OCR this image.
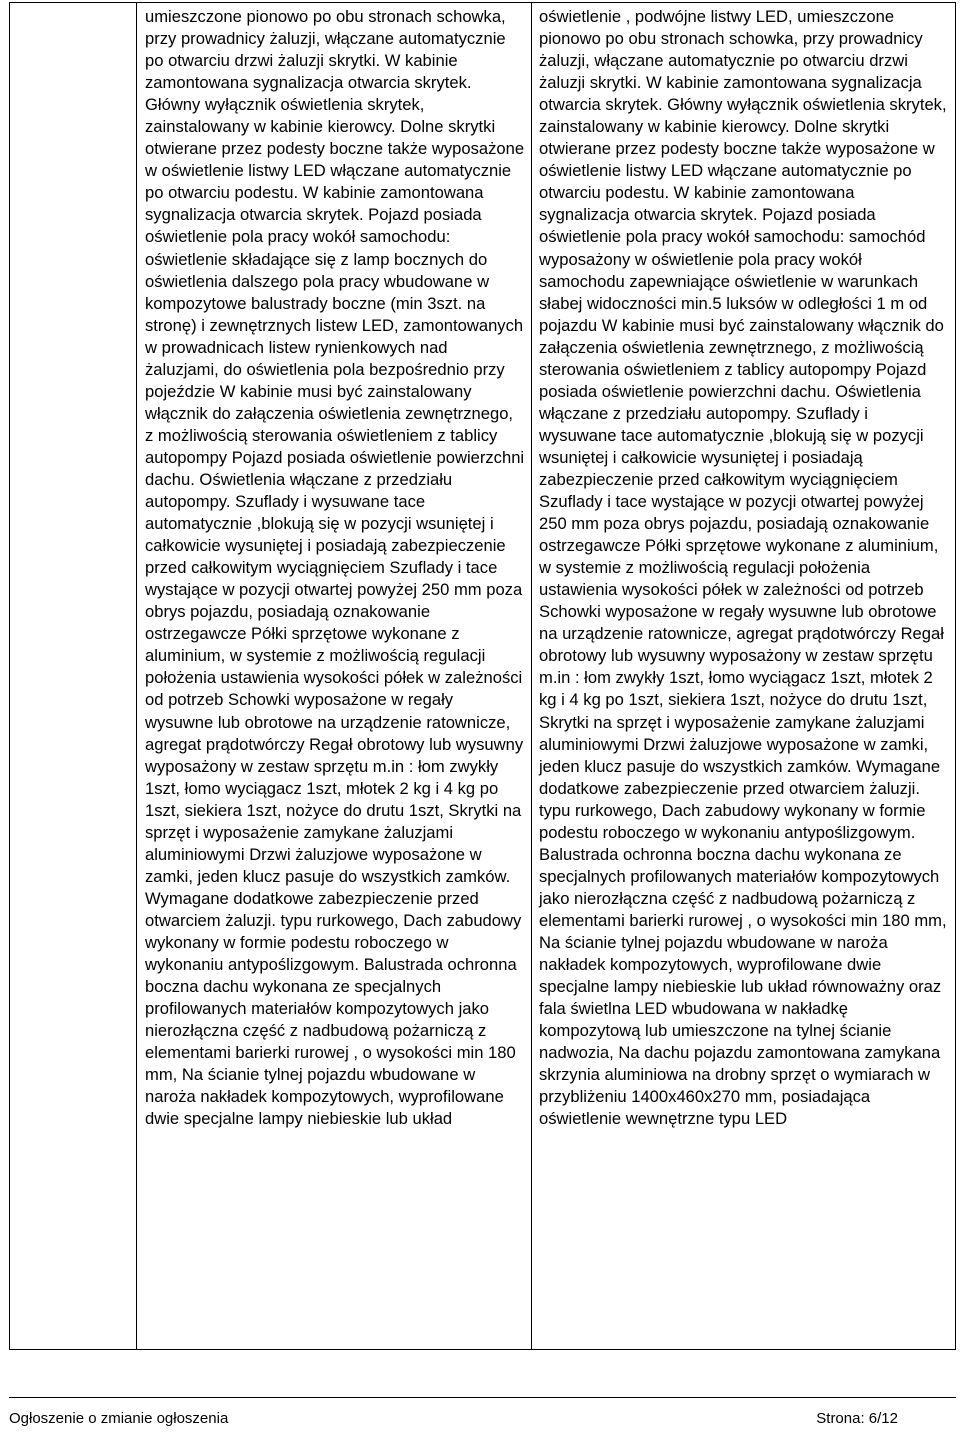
umieszczone pionowo po obu stronach schowka, przy prowadnicy żaluzji, włączane automatycznie po otwarciu drzwi żaluzji skrytki. W kabinie zamontowana sygnalizacja otwarcia skrytek. Główny wyłącznik oświetlenia skrytek, zainstalowany w kabinie kierowcy. Dolne skrytki otwierane przez podesty boczne także wyposażone w oświetlenie listwy LED włączane automatycznie po otwarciu podestu. W kabinie zamontowana sygnalizacja otwarcia skrytek. Pojazd posiada oświetlenie pola pracy wokół samochodu: oświetlenie składające się z lamp bocznych do oświetlenia dalszego pola pracy wbudowane w kompozytowe balustrady boczne (min 3szt. na stronę) i zewnętrznych listew LED, zamontowanych w prowadnicach listew rynienkowych nad żaluzjami, do oświetlenia pola bezpośrednio przy pojeździe W kabinie musi być zainstalowany włącznik do załączenia oświetlenia zewnętrznego, z możliwością sterowania oświetleniem z tablicy autopompy Pojazd posiada oświetlenie powierzchni dachu. Oświetlenia włączane z przedziału autopompy. Szuflady i wysuwane tace automatycznie ,blokują się w pozycji wsuniętej i całkowicie wysuniętej i posiadają zabezpieczenie przed całkowitym wyciągnięciem Szuflady i tace wystające w pozycji otwartej powyżej 250 mm poza obrys pojazdu, posiadają oznakowanie ostrzegawcze Półki sprzętowe wykonane z aluminium, w systemie z możliwością regulacji położenia ustawienia wysokości półek w zależności od potrzeb Schowki wyposażone w regały wysuwne lub obrotowe na urządzenie ratownicze, agregat prądotwórczy Regał obrotowy lub wysuwny wyposażony w zestaw sprzętu m.in : łom zwykły 1szt, łomo wyciągacz 1szt, młotek 2 kg i 4 kg po 1szt, siekiera 1szt, nożyce do drutu 1szt, Skrytki na sprzęt i wyposażenie zamykane żaluzjami aluminiowymi Drzwi żaluzjowe wyposażone w zamki, jeden klucz pasuje do wszystkich zamków. Wymagane dodatkowe zabezpieczenie przed otwarciem żaluzji. typu rurkowego, Dach zabudowy wykonany w formie podestu roboczego w wykonaniu antypoślizgowym. Balustrada ochronna boczna dachu wykonana ze specjalnych profilowanych materiałów kompozytowych jako nierozłączna część z nadbudową pożarniczą z elementami barierki rurowej , o wysokości min 180 mm, Na ścianie tylnej pojazdu wbudowane w naroża nakładek kompozytowych, wyprofilowane dwie specjalne lampy niebieskie lub układ

oświetlenie , podwójne listwy LED, umieszczone pionowo po obu stronach schowka, przy prowadnicy żaluzji, włączane automatycznie po otwarciu drzwi żaluzji skrytki. W kabinie zamontowana sygnalizacja otwarcia skrytek. Główny wyłącznik oświetlenia skrytek, zainstalowany w kabinie kierowcy. Dolne skrytki otwierane przez podesty boczne także wyposażone w oświetlenie listwy LED włączane automatycznie po otwarciu podestu. W kabinie zamontowana sygnalizacja otwarcia skrytek. Pojazd posiada oświetlenie pola pracy wokół samochodu: samochód wyposażony w oświetlenie pola pracy wokół samochodu zapewniające oświetlenie w warunkach słabej widoczności min.5 luksów w odległości 1 m od pojazdu W kabinie musi być zainstalowany włącznik do załączenia oświetlenia zewnętrznego, z możliwością sterowania oświetleniem z tablicy autopompy Pojazd posiada oświetlenie powierzchni dachu. Oświetlenia włączane z przedziału autopompy. Szuflady i wysuwane tace automatycznie ,blokują się w pozycji wsuniętej i całkowicie wysuniętej i posiadają zabezpieczenie przed całkowitym wyciągnięciem Szuflady i tace wystające w pozycji otwartej powyżej 250 mm poza obrys pojazdu, posiadają oznakowanie ostrzegawcze Półki sprzętowe wykonane z aluminium, w systemie z możliwością regulacji położenia ustawienia wysokości półek w zależności od potrzeb Schowki wyposażone w regały wysuwne lub obrotowe na urządzenie ratownicze, agregat prądotwórczy Regał obrotowy lub wysuwny wyposażony w zestaw sprzętu m.in : łom zwykły 1szt, łomo wyciągacz 1szt, młotek 2 kg i 4 kg po 1szt, siekiera 1szt, nożyce do drutu 1szt, Skrytki na sprzęt i wyposażenie zamykane żaluzjami aluminiowymi Drzwi żaluzjowe wyposażone w zamki, jeden klucz pasuje do wszystkich zamków. Wymagane dodatkowe zabezpieczenie przed otwarciem żaluzji. typu rurkowego, Dach zabudowy wykonany w formie podestu roboczego w wykonaniu antypoślizgowym. Balustrada ochronna boczna dachu wykonana ze specjalnych profilowanych materiałów kompozytowych jako nierozłączna część z nadbudową pożarniczą z elementami barierki rurowej , o wysokości min 180 mm, Na ścianie tylnej pojazdu wbudowane w naroża nakładek kompozytowych, wyprofilowane dwie specjalne lampy niebieskie lub układ równoważny oraz fala świetlna LED wbudowana w nakładkę kompozytową lub umieszczone na tylnej ścianie nadwozia, Na dachu pojazdu zamontowana zamykana skrzynia aluminiowa na drobny sprzęt o wymiarach w przybliżeniu 1400x460x270 mm, posiadająca oświetlenie wewnętrzne typu LED
Ogłoszenie o zmianie ogłoszenia	Strona: 6/12
